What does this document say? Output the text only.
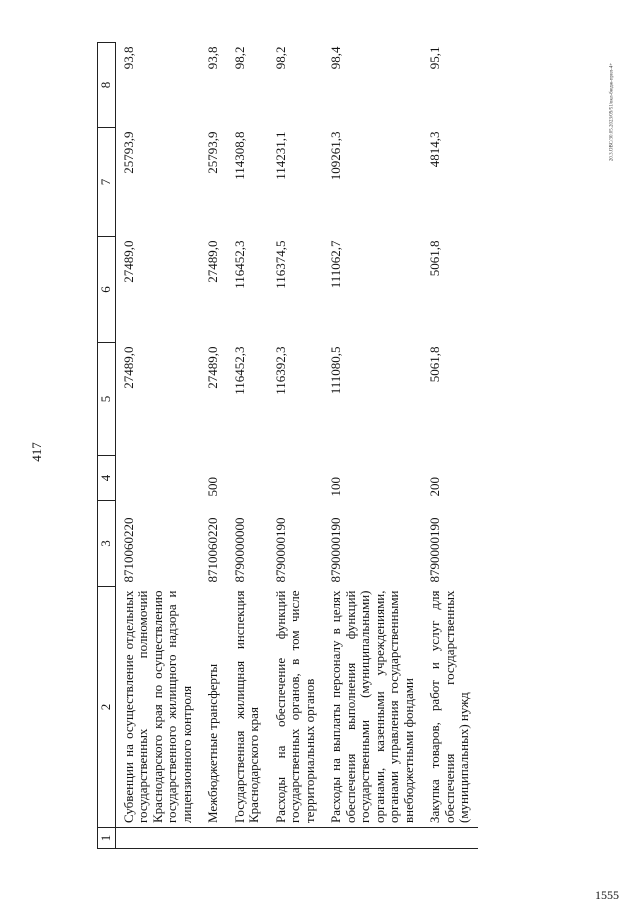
417
1555
20.3.ОВС/30.05.2023/09/51/вкл-бюдж-прил-4+
1	2	3	4	5	6	7	8
	Субвенции на осуществление отдельных государственных полномочий Краснодарского края по осуществлению государственного жилищного надзора и лицензионного контроля	8710060220		27489,0	27489,0	25793,9	93,8
	Межбюджетные трансферты	8710060220	500	27489,0	27489,0	25793,9	93,8
	Государственная жилищная инспекция Краснодарского края	8790000000		116452,3	116452,3	114308,8	98,2
	Расходы на обеспечение функций государственных органов, в том числе территориальных органов	8790000190		116392,3	116374,5	114231,1	98,2
	Расходы на выплаты персоналу в целях обеспечения выполнения функций государственными (муниципальными) органами, казенными учреждениями, органами управления государственными внебюджетными фондами	8790000190	100	111080,5	111062,7	109261,3	98,4
	Закупка товаров, работ и услуг для обеспечения государственных (муниципальных) нужд	8790000190	200	5061,8	5061,8	4814,3	95,1
